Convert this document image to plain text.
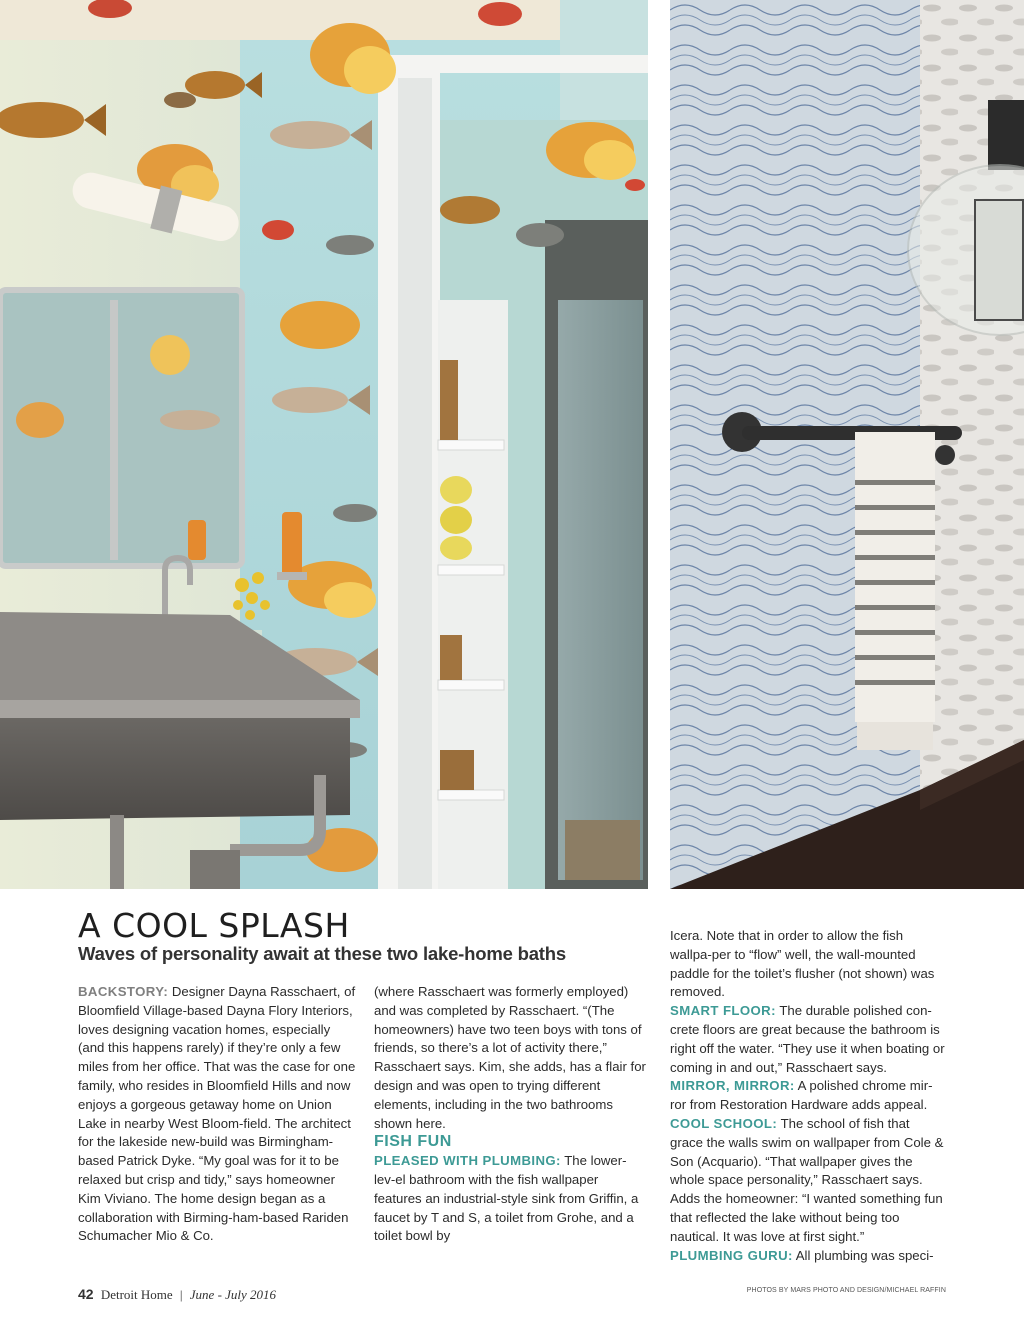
A COOL SPLASH
Waves of personality await at these two lake-home baths

BACKSTORY: Designer Dayna Rasschaert, of Bloomfield Village-based Dayna Flory Interiors, loves designing vacation homes, especially (and this happens rarely) if they’re only a few miles from her office. That was the case for one family, who resides in Bloomfield Hills and now enjoys a gorgeous getaway home on Union Lake in nearby West Bloom-field. The architect for the lakeside new-build was Birmingham-based Patrick Dyke. “My goal was for it to be relaxed but crisp and tidy,” says homeowner Kim Viviano. The home design began as a collaboration with Birming-ham-based Rariden Schumacher Mio & Co.

(where Rasschaert was formerly employed) and was completed by Rasschaert. “(The homeowners) have two teen boys with tons of friends, so there’s a lot of activity there,” Rasschaert says. Kim, she adds, has a flair for design and was open to trying different elements, including in the two bathrooms shown here.

FISH FUN

PLEASED WITH PLUMBING: The lower-lev-el bathroom with the fish wallpaper features an industrial-style sink from Griffin, a faucet by T and S, a toilet from Grohe, and a toilet bowl by

Icera. Note that in order to allow the fish wallpa-per to “flow” well, the wall-mounted paddle for the toilet’s flusher (not shown) was removed.

SMART FLOOR: The durable polished con-crete floors are great because the bathroom is right off the water. “They use it when boating or coming in and out,” Rasschaert says.

MIRROR, MIRROR: A polished chrome mir-ror from Restoration Hardware adds appeal.

COOL SCHOOL: The school of fish that grace the walls swim on wallpaper from Cole & Son (Acquario). “That wallpaper gives the whole space personality,” Rasschaert says. Adds the homeowner: “I wanted something fun that reflected the lake without being too nautical. It was love at first sight.”

PLUMBING GURU: All plumbing was speci-

42 Detroit Home | June - July 2016	PHOTOS BY MARS PHOTO AND DESIGN/MICHAEL RAFFIN
